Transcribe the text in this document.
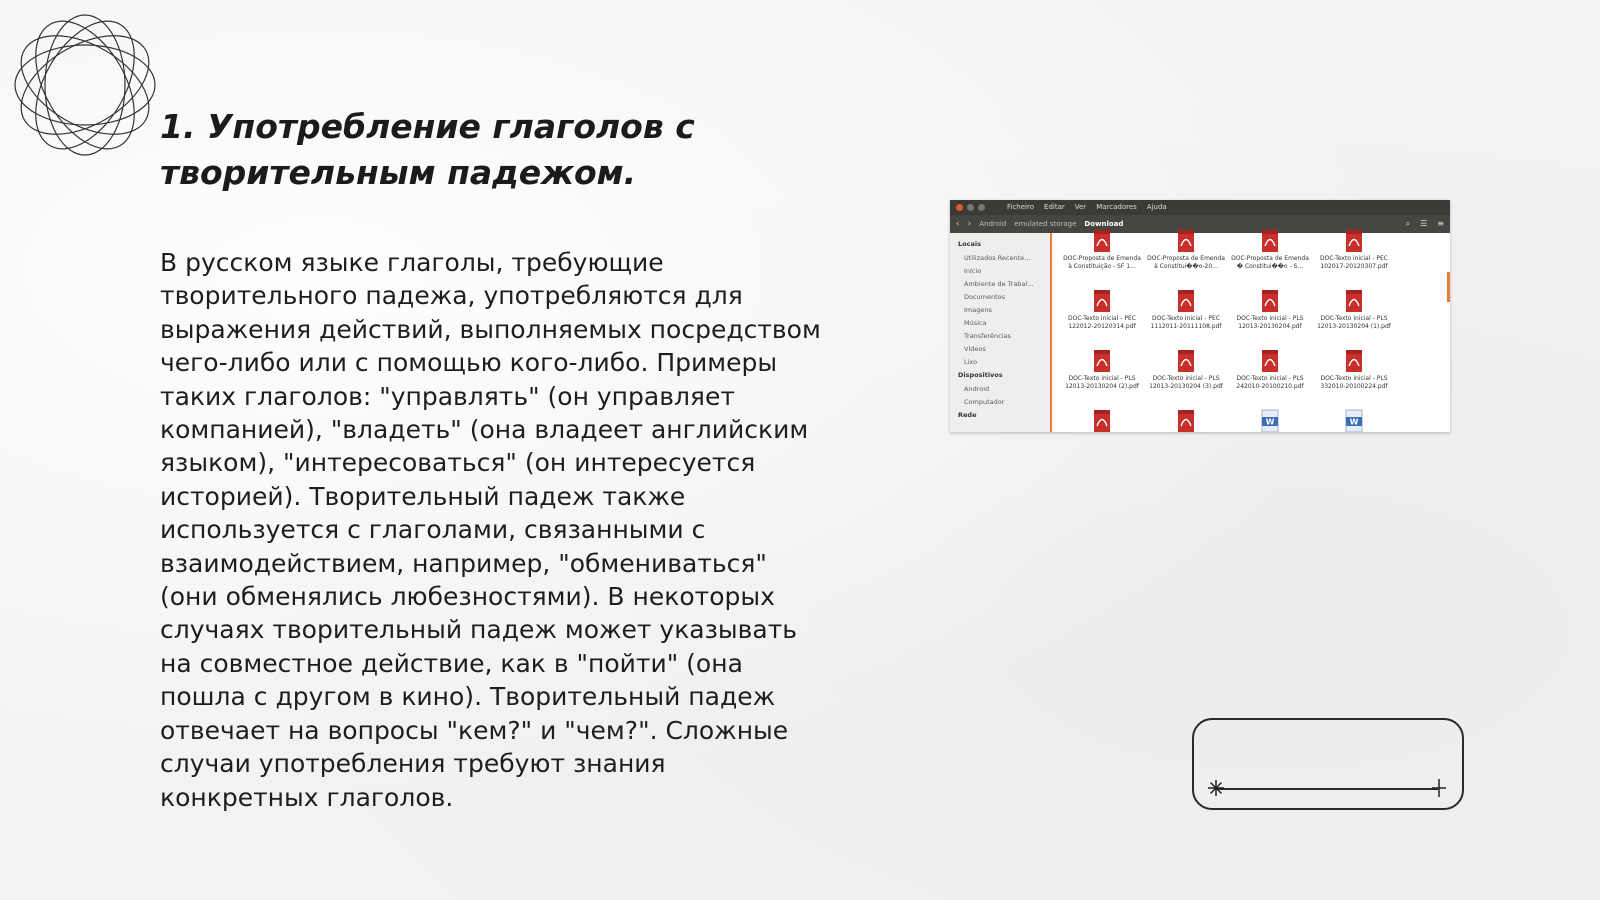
1. Употребление глаголов с творительным падежом.

В русском языке глаголы, требующие творительного падежа, употребляются для выражения действий, выполняемых посредством чего-либо или с помощью кого-либо. Примеры таких глаголов: "управлять" (он управляет компанией), "владеть" (она владеет английским языком), "интересоваться" (он интересуется историей). Творительный падеж также используется с глаголами, связанными с взаимодействием, например, "обмениваться" (они обменялись любезностями). В некоторых случаях творительный падеж может указывать на совместное действие, как в "пойти" (она пошла с другом в кино). Творительный падеж отвечает на вопросы "кем?" и "чем?". Сложные случаи употребления требуют знания конкретных глаголов.

Ficheiro Editar Ver Marcadores Ajuda
‹ › Android emulated storage Download	⌕ ☰ ≡
Locais
Utilizados Recente...
Início
Ambiente de Trabal...
Documentos
Imagens
Música
Transferências
Vídeos
Lixo
Dispositivos
Android
Computador
Rede
DOC-Proposta de Emenda à Constituição - SF 1...
DOC-Proposta de Emenda à Constitui��o-20...
DOC-Proposta de Emenda � Constitui��o - S...
DOC-Texto inicial - PEC 102017-20120307.pdf
DOC-Texto inicial - PEC 122012-20120314.pdf
DOC-Texto inicial - PEC 1112011-20111108.pdf
DOC-Texto inicial - PLS 12013-20130204.pdf
DOC-Texto inicial - PLS 12013-20130204 (1).pdf
DOC-Texto inicial - PLS 12013-20130204 (2).pdf
DOC-Texto inicial - PLS 12013-20130204 (3).pdf
DOC-Texto inicial - PLS 242010-20100210.pdf
DOC-Texto inicial - PLS 332010-20100224.pdf
W	W
